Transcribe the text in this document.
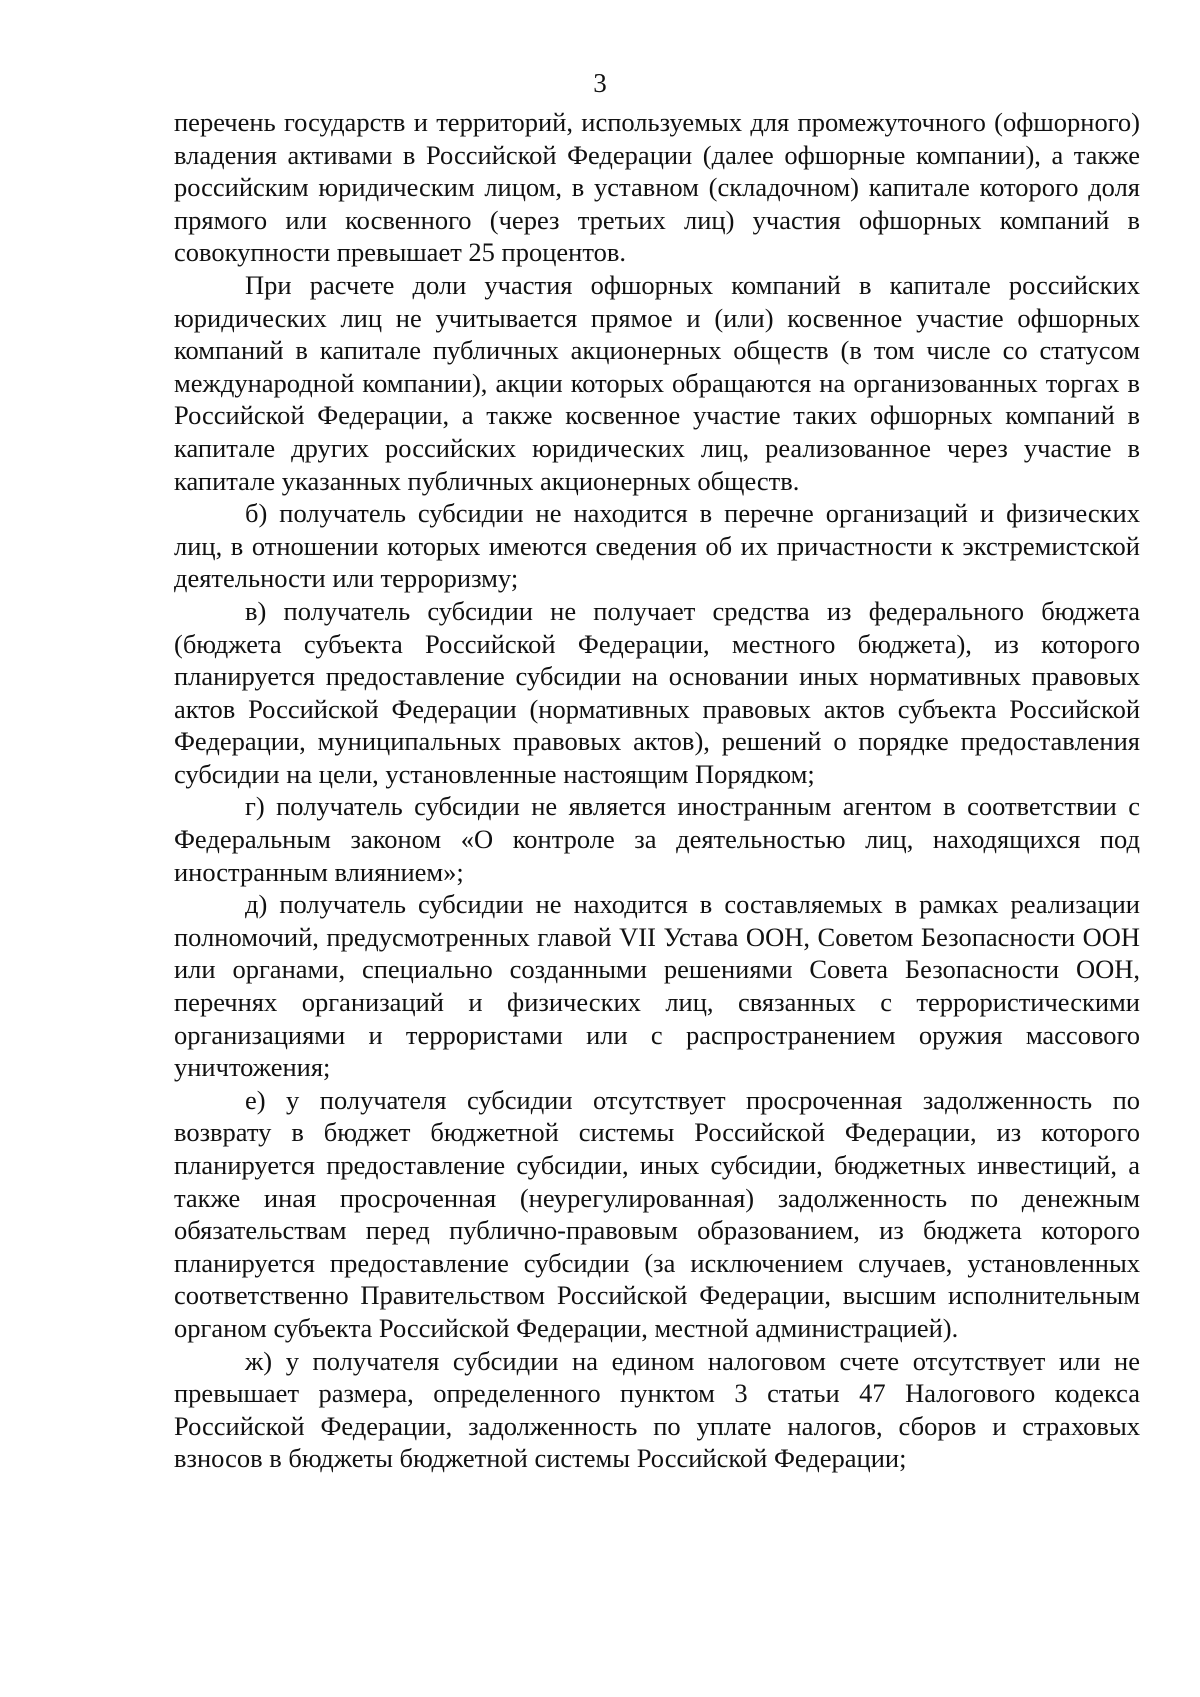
3

перечень государств и территорий, используемых для промежуточного (офшорного) владения активами в Российской Федерации (далее офшорные компании), а также российским юридическим лицом, в уставном (складочном) капитале которого доля прямого или косвенного (через третьих лиц) участия офшорных компаний в совокупности превышает 25 процентов.

При расчете доли участия офшорных компаний в капитале российских юридических лиц не учитывается прямое и (или) косвенное участие офшорных компаний в капитале публичных акционерных обществ (в том числе со статусом международной компании), акции которых обращаются на организованных торгах в Российской Федерации, а также косвенное участие таких офшорных компаний в капитале других российских юридических лиц, реализованное через участие в капитале указанных публичных акционерных обществ.

б) получатель субсидии не находится в перечне организаций и физических лиц, в отношении которых имеются сведения об их причастности к экстремистской деятельности или терроризму;

в) получатель субсидии не получает средства из федерального бюджета (бюджета субъекта Российской Федерации, местного бюджета), из которого планируется предоставление субсидии на основании иных нормативных правовых актов Российской Федерации (нормативных правовых актов субъекта Российской Федерации, муниципальных правовых актов), решений о порядке предоставления субсидии на цели, установленные настоящим Порядком;

г) получатель субсидии не является иностранным агентом в соответствии с Федеральным законом «О контроле за деятельностью лиц, находящихся под иностранным влиянием»;

д) получатель субсидии не находится в составляемых в рамках реализации полномочий, предусмотренных главой VII Устава ООН, Советом Безопасности ООН или органами, специально созданными решениями Совета Безопасности ООН, перечнях организаций и физических лиц, связанных с террористическими организациями и террористами или с распространением оружия массового уничтожения;

е) у получателя субсидии отсутствует просроченная задолженность по возврату в бюджет бюджетной системы Российской Федерации, из которого планируется предоставление субсидии, иных субсидии, бюджетных инвестиций, а также иная просроченная (неурегулированная) задолженность по денежным обязательствам перед публично-правовым образованием, из бюджета которого планируется предоставление субсидии (за исключением случаев, установленных соответственно Правительством Российской Федерации, высшим исполнительным органом субъекта Российской Федерации, местной администрацией).

ж) у получателя субсидии на едином налоговом счете отсутствует или не превышает размера, определенного пунктом 3 статьи 47 Налогового кодекса Российской Федерации, задолженность по уплате налогов, сборов и страховых взносов в бюджеты бюджетной системы Российской Федерации;
